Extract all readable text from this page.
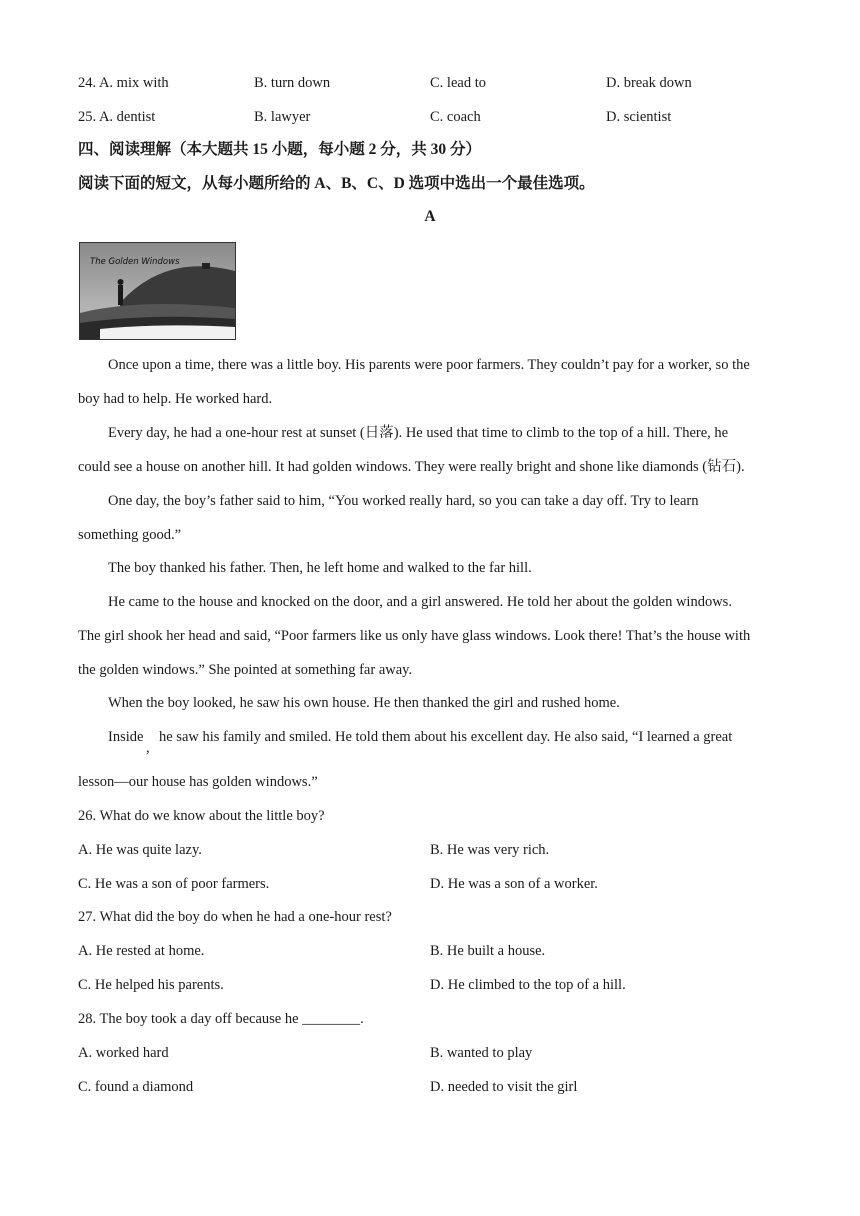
24. A. mix with	B. turn down	C. lead to	D. break down
25. A. dentist	B. lawyer	C. coach	D. scientist
四、阅读理解（本大题共 15 小题，每小题 2 分，共 30 分）
阅读下面的短文，从每小题所给的 A、B、C、D 选项中选出一个最佳选项。
A
The Golden Windows
Once upon a time, there was a little boy. His parents were poor farmers. They couldn’t pay for a worker, so the
boy had to help. He worked hard.
Every day, he had a one-hour rest at sunset (日落). He used that time to climb to the top of a hill. There, he
could see a house on another hill. It had golden windows. They were really bright and shone like diamonds (钻石).
One day, the boy’s father said to him, “You worked really hard, so you can take a day off. Try to learn
something good.”
The boy thanked his father. Then, he left home and walked to the far hill.
He came to the house and knocked on the door, and a girl answered. He told her about the golden windows.
The girl shook her head and said, “Poor farmers like us only have glass windows. Look there! That’s the house with
the golden windows.” She pointed at something far away.
When the boy looked, he saw his own house. He then thanked the girl and rushed home.
Inside
,
he saw his family and smiled. He told them about his excellent day. He also said, “I learned a great
lesson—our house has golden windows.”
26. What do we know about the little boy?
A. He was quite lazy.	B. He was very rich.
C. He was a son of poor farmers.	D. He was a son of a worker.
27. What did the boy do when he had a one-hour rest?
A. He rested at home.	B. He built a house.
C. He helped his parents.	D. He climbed to the top of a hill.
28. The boy took a day off because he ________.
A. worked hard	B. wanted to play
C. found a diamond	D. needed to visit the girl
